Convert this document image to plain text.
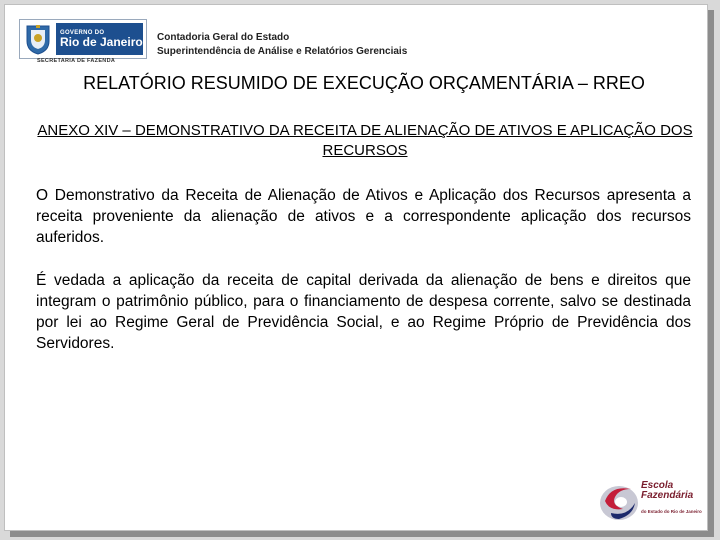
GOVERNO DO
Rio de Janeiro
SECRETARIA DE FAZENDA
Contadoria Geral do Estado
Superintendência de Análise e Relatórios Gerenciais
RELATÓRIO RESUMIDO DE EXECUÇÃO ORÇAMENTÁRIA – RREO
ANEXO XIV – DEMONSTRATIVO DA RECEITA DE ALIENAÇÃO DE ATIVOS E APLICAÇÃO DOS RECURSOS
O Demonstrativo da Receita de Alienação de Ativos e Aplicação dos Recursos apresenta a receita proveniente da alienação de ativos e a correspondente aplicação dos recursos auferidos.
É vedada a aplicação da receita de capital derivada da alienação de bens e direitos que integram o patrimônio público, para o financiamento de despesa corrente, salvo se destinada por lei ao Regime Geral de Previdência Social, e ao Regime Próprio de Previdência dos Servidores.
Escola
Fazendária
do Estado do Rio de Janeiro
